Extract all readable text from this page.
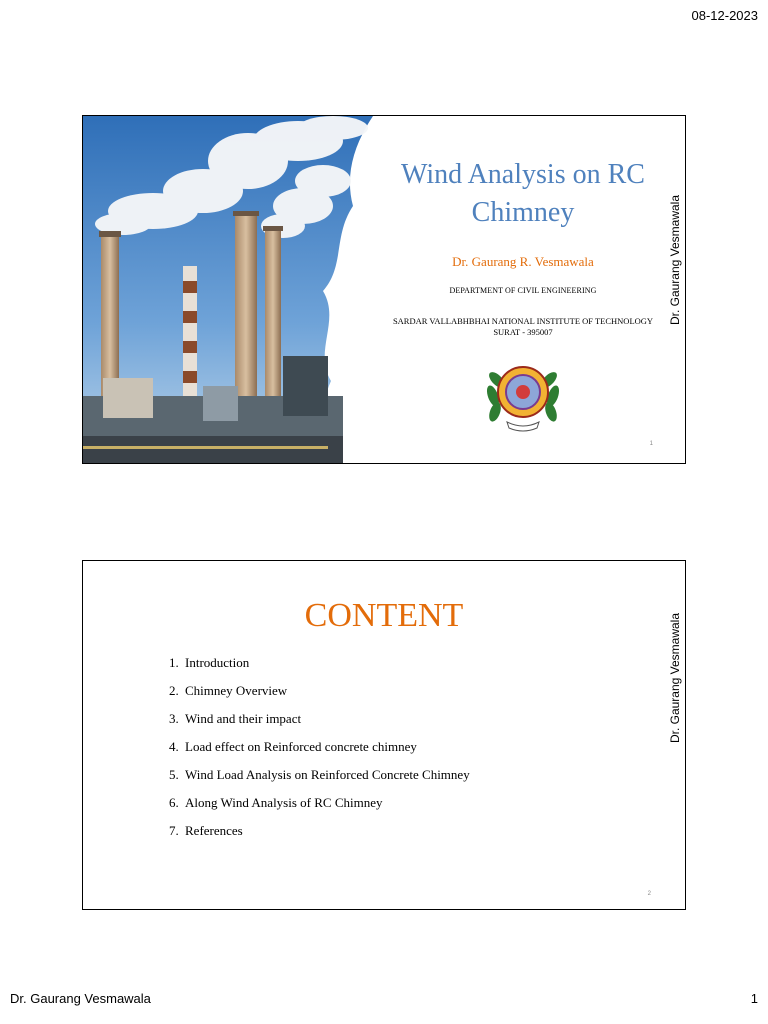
08-12-2023
Wind Analysis on RC Chimney
Dr. Gaurang R. Vesmawala
DEPARTMENT OF CIVIL ENGINEERING
SARDAR VALLABHBHAI NATIONAL INSTITUTE OF TECHNOLOGY
SURAT - 395007
1
Dr. Gaurang Vesmawala
CONTENT
1. Introduction
2. Chimney Overview
3. Wind and their impact
4. Load effect on Reinforced concrete chimney
5. Wind Load Analysis on Reinforced Concrete Chimney
6. Along Wind Analysis of RC Chimney
7. References
2
Dr. Gaurang Vesmawala
Dr. Gaurang Vesmawala	1
